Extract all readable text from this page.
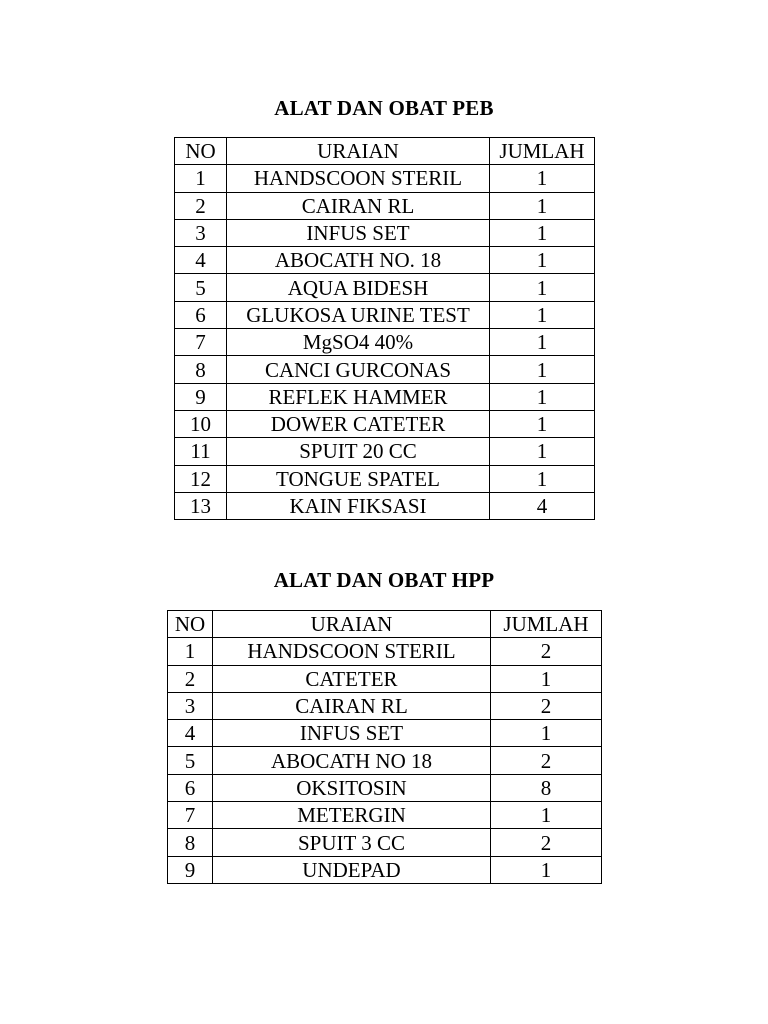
ALAT DAN OBAT PEB
NO	URAIAN	JUMLAH
1	HANDSCOON STERIL	1
2	CAIRAN RL	1
3	INFUS SET	1
4	ABOCATH NO. 18	1
5	AQUA BIDESH	1
6	GLUKOSA URINE TEST	1
7	MgSO4 40%	1
8	CANCI GURCONAS	1
9	REFLEK HAMMER	1
10	DOWER CATETER	1
11	SPUIT 20 CC	1
12	TONGUE SPATEL	1
13	KAIN FIKSASI	4
ALAT DAN OBAT HPP
NO	URAIAN	JUMLAH
1	HANDSCOON STERIL	2
2	CATETER	1
3	CAIRAN RL	2
4	INFUS SET	1
5	ABOCATH NO 18	2
6	OKSITOSIN	8
7	METERGIN	1
8	SPUIT 3 CC	2
9	UNDEPAD	1
